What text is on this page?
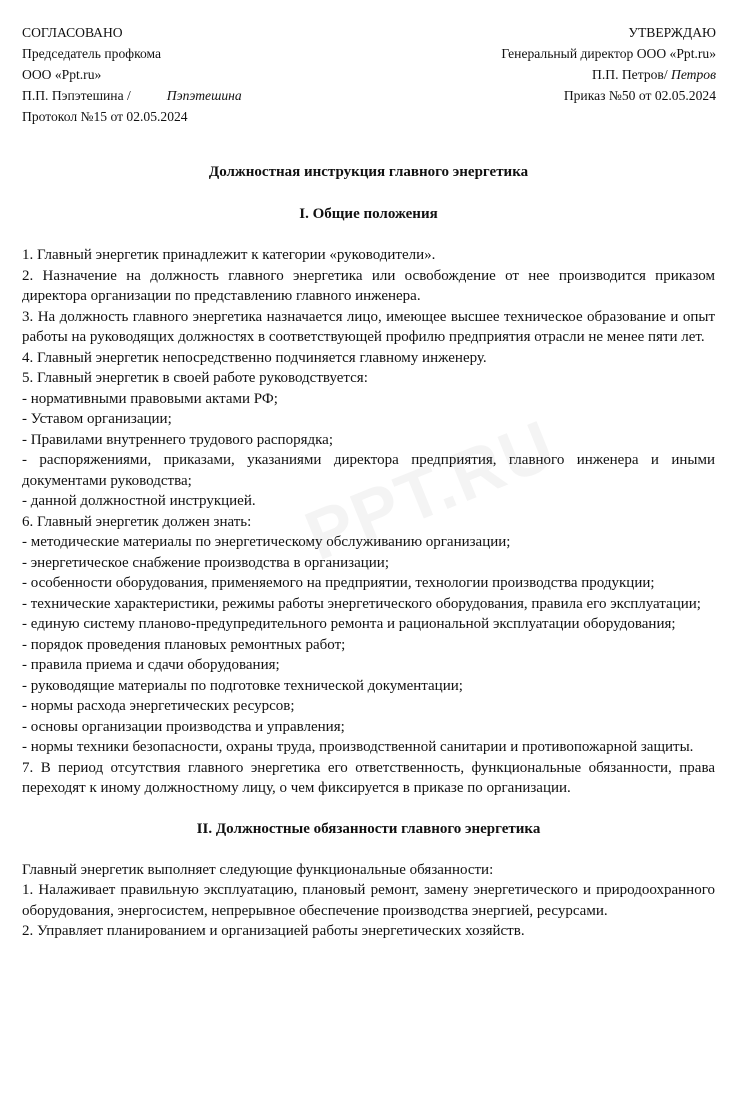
СОГЛАСОВАНО
Председатель профкома
ООО «Ppt.ru»
П.П. Пэпэтешина /	Пэпэтешина
Протокол №15 от 02.05.2024
УТВЕРЖДАЮ
Генеральный директор ООО «Ppt.ru»
П.П. Петров/ Петров
Приказ №50 от 02.05.2024
Должностная инструкция главного энергетика
I. Общие положения

1. Главный энергетик принадлежит к категории «руководители».

2. Назначение на должность главного энергетика или освобождение от нее производится приказом директора организации по представлению главного инженера.

3. На должность главного энергетика назначается лицо, имеющее высшее техническое образование и опыт работы на руководящих должностях в соответствующей профилю предприятия отрасли не менее пяти лет.

4. Главный энергетик непосредственно подчиняется главному инженеру.

5. Главный энергетик в своей работе руководствуется:

- нормативными правовыми актами РФ;

- Уставом организации;

- Правилами внутреннего трудового распорядка;

- распоряжениями, приказами, указаниями директора предприятия, главного инженера и иными документами руководства;

- данной должностной инструкцией.

6. Главный энергетик должен знать:

- методические материалы по энергетическому обслуживанию организации;

- энергетическое снабжение производства в организации;

- особенности оборудования, применяемого на предприятии, технологии производства продукции;

- технические характеристики, режимы работы энергетического оборудования, правила его эксплуатации;

- единую систему планово-предупредительного ремонта и рациональной эксплуатации оборудования;

- порядок проведения плановых ремонтных работ;

- правила приема и сдачи оборудования;

- руководящие материалы по подготовке технической документации;

- нормы расхода энергетических ресурсов;

- основы организации производства и управления;

- нормы техники безопасности, охраны труда, производственной санитарии и противопожарной защиты.

7. В период отсутствия главного энергетика его ответственность, функциональные обязанности, права переходят к иному должностному лицу, о чем фиксируется в приказе по организации.

II. Должностные обязанности главного энергетика

Главный энергетик выполняет следующие функциональные обязанности:

1. Налаживает правильную эксплуатацию, плановый ремонт, замену энергетического и природоохранного оборудования, энергосистем, непрерывное обеспечение производства энергией, ресурсами.

2. Управляет планированием и организацией работы энергетических хозяйств.
